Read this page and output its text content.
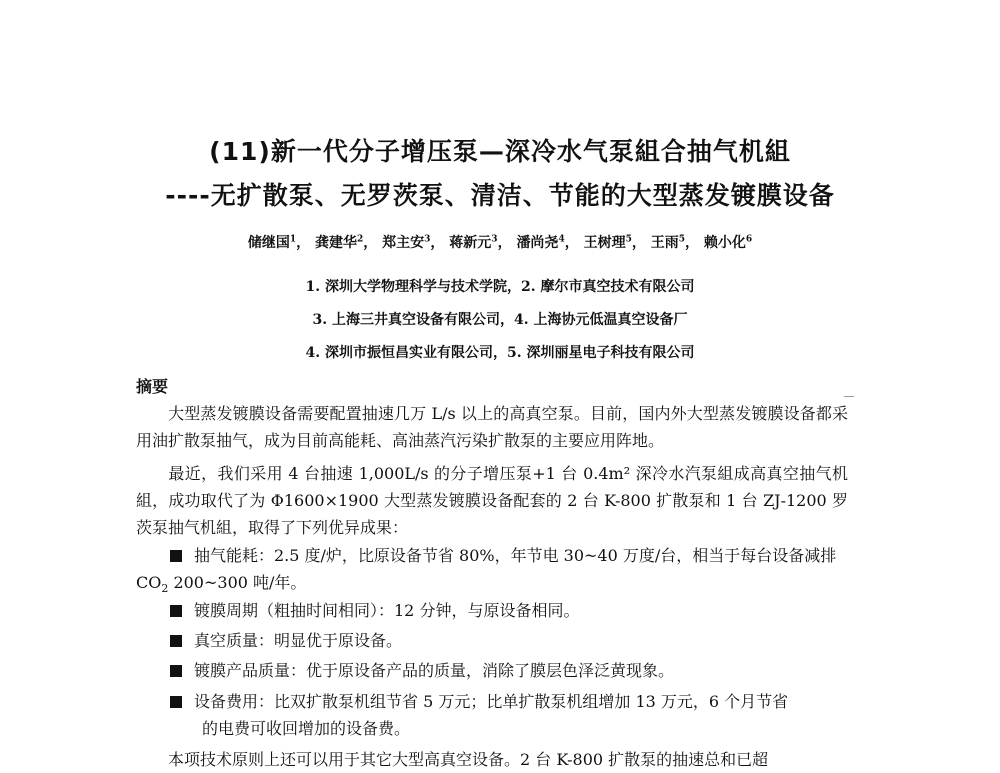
(11)新一代分子增压泵—深冷水气泵組合抽气机組
----无扩散泵、无罗茨泵、清洁、节能的大型蒸发镀膜设备
储继国$^1$， 龚建华$^2$， 郑主安$^3$， 蒋新元$^3$， 潘尚尧$^4$， 王树理$^5$， 王雨$^5$， 赖小化$^6$
1. 深圳大学物理科学与技术学院，2. 摩尔市真空技术有限公司
3. 上海三井真空设备有限公司，4. 上海协元低温真空设备厂
4. 深圳市振恒昌实业有限公司，5. 深圳丽星电子科技有限公司
摘要
大型蒸发镀膜设备需要配置抽速几万 L/s 以上的高真空泵。目前，国内外大型蒸发镀膜设备都采用油扩散泵抽气，成为目前高能耗、高油蒸汽污染扩散泵的主要应用阵地。
最近，我们采用 4 台抽速 1,000L/s 的分子增压泵+1 台 0.4m² 深冷水汽泵組成高真空抽气机組，成功取代了为 Φ1600×1900 大型蒸发镀膜设备配套的 2 台 K-800 扩散泵和 1 台 ZJ-1200 罗茨泵抽气机組，取得了下列优异成果：
抽气能耗：2.5 度/炉，比原设备节省 80%，年节电 30~40 万度/台，相当于每台设备减排 $CO_2$ 200~300 吨/年。
镀膜周期（粗抽时间相同）：12 分钟，与原设备相同。
真空质量：明显优于原设备。
镀膜产品质量：优于原设备产品的质量，消除了膜层色泽泛黄现象。
设备费用：比双扩散泵机组节省 5 万元；比单扩散泵机组增加 13 万元，6 个月节省
的电费可收回增加的设备费。
本项技术原则上还可以用于其它大型高真空设备。2 台 K-800 扩散泵的抽速总和已超
